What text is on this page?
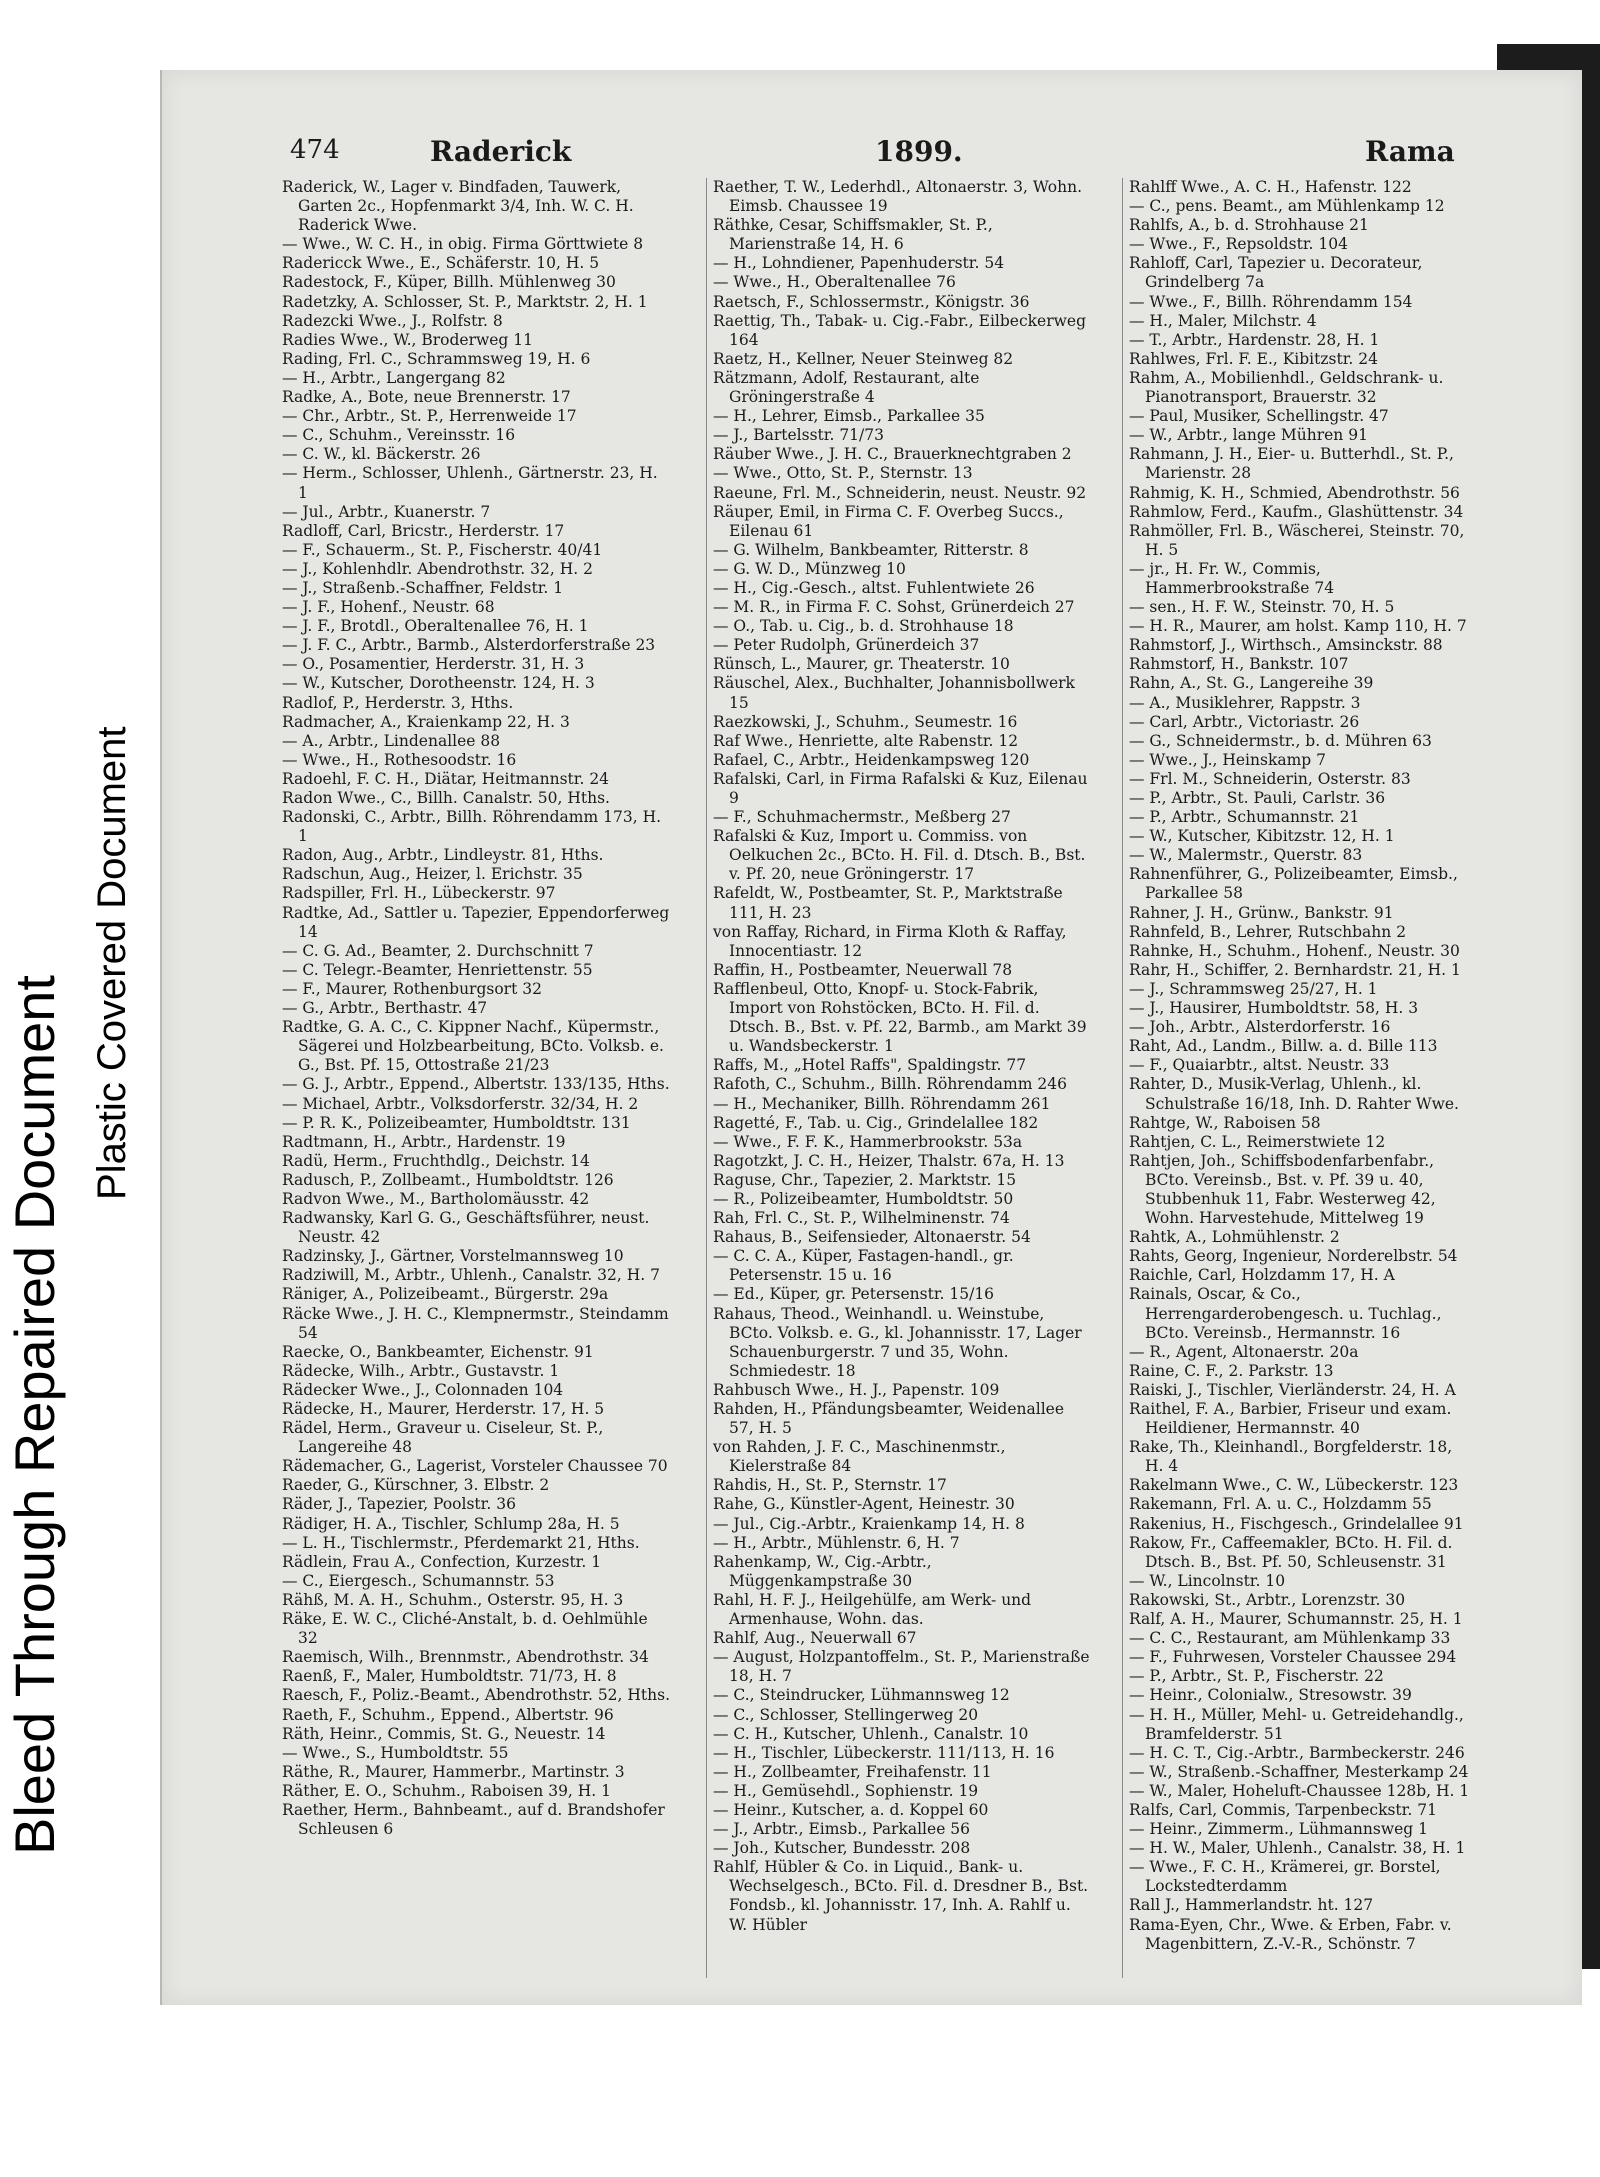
Bleed Through Repaired Document
Plastic Covered Document
474	Raderick	1899.	Rama
Raderick, W., Lager v. Bindfaden, Tauwerk, Garten 2c., Hopfenmarkt 3/4, Inh. W. C. H. Raderick Wwe.
— Wwe., W. C. H., in obig. Firma Görttwiete 8
Radericck Wwe., E., Schäferstr. 10, H. 5
Radestock, F., Küper, Billh. Mühlenweg 30
Radetzky, A. Schlosser, St. P., Marktstr. 2, H. 1
Radezcki Wwe., J., Rolfstr. 8
Radies Wwe., W., Broderweg 11
Rading, Frl. C., Schrammsweg 19, H. 6
— H., Arbtr., Langergang 82
Radke, A., Bote, neue Brennerstr. 17
— Chr., Arbtr., St. P., Herrenweide 17
— C., Schuhm., Vereinsstr. 16
— C. W., kl. Bäckerstr. 26
— Herm., Schlosser, Uhlenh., Gärtnerstr. 23, H. 1
— Jul., Arbtr., Kuanerstr. 7
Radloff, Carl, Bricstr., Herderstr. 17
— F., Schauerm., St. P., Fischerstr. 40/41
— J., Kohlenhdlr. Abendrothstr. 32, H. 2
— J., Straßenb.-Schaffner, Feldstr. 1
— J. F., Hohenf., Neustr. 68
— J. F., Brotdl., Oberaltenallee 76, H. 1
— J. F. C., Arbtr., Barmb., Alsterdorferstraße 23
— O., Posamentier, Herderstr. 31, H. 3
— W., Kutscher, Dorotheenstr. 124, H. 3
Radlof, P., Herderstr. 3, Hths.
Radmacher, A., Kraienkamp 22, H. 3
— A., Arbtr., Lindenallee 88
— Wwe., H., Rothesoodstr. 16
Radoehl, F. C. H., Diätar, Heitmannstr. 24
Radon Wwe., C., Billh. Canalstr. 50, Hths.
Radonski, C., Arbtr., Billh. Röhrendamm 173, H. 1
Radon, Aug., Arbtr., Lindleystr. 81, Hths.
Radschun, Aug., Heizer, l. Erichstr. 35
Radspiller, Frl. H., Lübeckerstr. 97
Radtke, Ad., Sattler u. Tapezier, Eppendorferweg 14
— C. G. Ad., Beamter, 2. Durchschnitt 7
— C. Telegr.-Beamter, Henriettenstr. 55
— F., Maurer, Rothenburgsort 32
— G., Arbtr., Berthastr. 47
Radtke, G. A. C., C. Kippner Nachf., Küpermstr., Sägerei und Holzbearbeitung, BCto. Volksb. e. G., Bst. Pf. 15, Ottostraße 21/23
— G. J., Arbtr., Eppend., Albertstr. 133/135, Hths.
— Michael, Arbtr., Volksdorferstr. 32/34, H. 2
— P. R. K., Polizeibeamter, Humboldtstr. 131
Radtmann, H., Arbtr., Hardenstr. 19
Radü, Herm., Fruchthdlg., Deichstr. 14
Radusch, P., Zollbeamt., Humboldtstr. 126
Radvon Wwe., M., Bartholomäusstr. 42
Radwansky, Karl G. G., Geschäftsführer, neust. Neustr. 42
Radzinsky, J., Gärtner, Vorstelmannsweg 10
Radziwill, M., Arbtr., Uhlenh., Canalstr. 32, H. 7
Räniger, A., Polizeibeamt., Bürgerstr. 29a
Räcke Wwe., J. H. C., Klempnermstr., Steindamm 54
Raecke, O., Bankbeamter, Eichenstr. 91
Rädecke, Wilh., Arbtr., Gustavstr. 1
Rädecker Wwe., J., Colonnaden 104
Rädecke, H., Maurer, Herderstr. 17, H. 5
Rädel, Herm., Graveur u. Ciseleur, St. P., Langereihe 48
Rädemacher, G., Lagerist, Vorsteler Chaussee 70
Raeder, G., Kürschner, 3. Elbstr. 2
Räder, J., Tapezier, Poolstr. 36
Rädiger, H. A., Tischler, Schlump 28a, H. 5
— L. H., Tischlermstr., Pferdemarkt 21, Hths.
Rädlein, Frau A., Confection, Kurzestr. 1
— C., Eiergesch., Schumannstr. 53
Rähß, M. A. H., Schuhm., Osterstr. 95, H. 3
Räke, E. W. C., Cliché-Anstalt, b. d. Oehlmühle 32
Raemisch, Wilh., Brennmstr., Abendrothstr. 34
Raenß, F., Maler, Humboldtstr. 71/73, H. 8
Raesch, F., Poliz.-Beamt., Abendrothstr. 52, Hths.
Raeth, F., Schuhm., Eppend., Albertstr. 96
Räth, Heinr., Commis, St. G., Neuestr. 14
— Wwe., S., Humboldtstr. 55
Räthe, R., Maurer, Hammerbr., Martinstr. 3
Räther, E. O., Schuhm., Raboisen 39, H. 1
Raether, Herm., Bahnbeamt., auf d. Brandshofer Schleusen 6
Raether, T. W., Lederhdl., Altonaerstr. 3, Wohn. Eimsb. Chaussee 19
Räthke, Cesar, Schiffsmakler, St. P., Marienstraße 14, H. 6
— H., Lohndiener, Papenhuderstr. 54
— Wwe., H., Oberaltenallee 76
Raetsch, F., Schlossermstr., Königstr. 36
Raettig, Th., Tabak- u. Cig.-Fabr., Eilbeckerweg 164
Raetz, H., Kellner, Neuer Steinweg 82
Rätzmann, Adolf, Restaurant, alte Gröningerstraße 4
— H., Lehrer, Eimsb., Parkallee 35
— J., Bartelsstr. 71/73
Räuber Wwe., J. H. C., Brauerknechtgraben 2
— Wwe., Otto, St. P., Sternstr. 13
Raeune, Frl. M., Schneiderin, neust. Neustr. 92
Räuper, Emil, in Firma C. F. Overbeg Succs., Eilenau 61
— G. Wilhelm, Bankbeamter, Ritterstr. 8
— G. W. D., Münzweg 10
— H., Cig.-Gesch., altst. Fuhlentwiete 26
— M. R., in Firma F. C. Sohst, Grünerdeich 27
— O., Tab. u. Cig., b. d. Strohhause 18
— Peter Rudolph, Grünerdeich 37
Rünsch, L., Maurer, gr. Theaterstr. 10
Räuschel, Alex., Buchhalter, Johannisbollwerk 15
Raezkowski, J., Schuhm., Seumestr. 16
Raf Wwe., Henriette, alte Rabenstr. 12
Rafael, C., Arbtr., Heidenkampsweg 120
Rafalski, Carl, in Firma Rafalski & Kuz, Eilenau 9
— F., Schuhmachermstr., Meßberg 27
Rafalski & Kuz, Import u. Commiss. von Oelkuchen 2c., BCto. H. Fil. d. Dtsch. B., Bst. v. Pf. 20, neue Gröningerstr. 17
Rafeldt, W., Postbeamter, St. P., Marktstraße 111, H. 23
von Raffay, Richard, in Firma Kloth & Raffay, Innocentiastr. 12
Raffin, H., Postbeamter, Neuerwall 78
Rafflenbeul, Otto, Knopf- u. Stock-Fabrik, Import von Rohstöcken, BCto. H. Fil. d. Dtsch. B., Bst. v. Pf. 22, Barmb., am Markt 39 u. Wandsbeckerstr. 1
Raffs, M., „Hotel Raffs", Spaldingstr. 77
Rafoth, C., Schuhm., Billh. Röhrendamm 246
— H., Mechaniker, Billh. Röhrendamm 261
Ragetté, F., Tab. u. Cig., Grindelallee 182
— Wwe., F. F. K., Hammerbrookstr. 53a
Ragotzkt, J. C. H., Heizer, Thalstr. 67a, H. 13
Raguse, Chr., Tapezier, 2. Marktstr. 15
— R., Polizeibeamter, Humboldtstr. 50
Rah, Frl. C., St. P., Wilhelminenstr. 74
Rahaus, B., Seifensieder, Altonaerstr. 54
— C. C. A., Küper, Fastagen-handl., gr. Petersenstr. 15 u. 16
— Ed., Küper, gr. Petersenstr. 15/16
Rahaus, Theod., Weinhandl. u. Weinstube, BCto. Volksb. e. G., kl. Johannisstr. 17, Lager Schauenburgerstr. 7 und 35, Wohn. Schmiedestr. 18
Rahbusch Wwe., H. J., Papenstr. 109
Rahden, H., Pfändungsbeamter, Weidenallee 57, H. 5
von Rahden, J. F. C., Maschinenmstr., Kielerstraße 84
Rahdis, H., St. P., Sternstr. 17
Rahe, G., Künstler-Agent, Heinestr. 30
— Jul., Cig.-Arbtr., Kraienkamp 14, H. 8
— H., Arbtr., Mühlenstr. 6, H. 7
Rahenkamp, W., Cig.-Arbtr., Müggenkampstraße 30
Rahl, H. F. J., Heilgehülfe, am Werk- und Armenhause, Wohn. das.
Rahlf, Aug., Neuerwall 67
— August, Holzpantoffelm., St. P., Marienstraße 18, H. 7
— C., Steindrucker, Lühmannsweg 12
— C., Schlosser, Stellingerweg 20
— C. H., Kutscher, Uhlenh., Canalstr. 10
— H., Tischler, Lübeckerstr. 111/113, H. 16
— H., Zollbeamter, Freihafenstr. 11
— H., Gemüsehdl., Sophienstr. 19
— Heinr., Kutscher, a. d. Koppel 60
— J., Arbtr., Eimsb., Parkallee 56
— Joh., Kutscher, Bundesstr. 208
Rahlf, Hübler & Co. in Liquid., Bank- u. Wechselgesch., BCto. Fil. d. Dresdner B., Bst. Fondsb., kl. Johannisstr. 17, Inh. A. Rahlf u. W. Hübler
Rahlff Wwe., A. C. H., Hafenstr. 122
— C., pens. Beamt., am Mühlenkamp 12
Rahlfs, A., b. d. Strohhause 21
— Wwe., F., Repsoldstr. 104
Rahloff, Carl, Tapezier u. Decorateur, Grindelberg 7a
— Wwe., F., Billh. Röhrendamm 154
— H., Maler, Milchstr. 4
— T., Arbtr., Hardenstr. 28, H. 1
Rahlwes, Frl. F. E., Kibitzstr. 24
Rahm, A., Mobilienhdl., Geldschrank- u. Pianotransport, Brauerstr. 32
— Paul, Musiker, Schellingstr. 47
— W., Arbtr., lange Mühren 91
Rahmann, J. H., Eier- u. Butterhdl., St. P., Marienstr. 28
Rahmig, K. H., Schmied, Abendrothstr. 56
Rahmlow, Ferd., Kaufm., Glashüttenstr. 34
Rahmöller, Frl. B., Wäscherei, Steinstr. 70, H. 5
— jr., H. Fr. W., Commis, Hammerbrookstraße 74
— sen., H. F. W., Steinstr. 70, H. 5
— H. R., Maurer, am holst. Kamp 110, H. 7
Rahmstorf, J., Wirthsch., Amsinckstr. 88
Rahmstorf, H., Bankstr. 107
Rahn, A., St. G., Langereihe 39
— A., Musiklehrer, Rappstr. 3
— Carl, Arbtr., Victoriastr. 26
— G., Schneidermstr., b. d. Mühren 63
— Wwe., J., Heinskamp 7
— Frl. M., Schneiderin, Osterstr. 83
— P., Arbtr., St. Pauli, Carlstr. 36
— P., Arbtr., Schumannstr. 21
— W., Kutscher, Kibitzstr. 12, H. 1
— W., Malermstr., Querstr. 83
Rahnenführer, G., Polizeibeamter, Eimsb., Parkallee 58
Rahner, J. H., Grünw., Bankstr. 91
Rahnfeld, B., Lehrer, Rutschbahn 2
Rahnke, H., Schuhm., Hohenf., Neustr. 30
Rahr, H., Schiffer, 2. Bernhardstr. 21, H. 1
— J., Schrammsweg 25/27, H. 1
— J., Hausirer, Humboldtstr. 58, H. 3
— Joh., Arbtr., Alsterdorferstr. 16
Raht, Ad., Landm., Billw. a. d. Bille 113
— F., Quaiarbtr., altst. Neustr. 33
Rahter, D., Musik-Verlag, Uhlenh., kl. Schulstraße 16/18, Inh. D. Rahter Wwe.
Rahtge, W., Raboisen 58
Rahtjen, C. L., Reimerstwiete 12
Rahtjen, Joh., Schiffsbodenfarbenfabr., BCto. Vereinsb., Bst. v. Pf. 39 u. 40, Stubbenhuk 11, Fabr. Westerweg 42, Wohn. Harvestehude, Mittelweg 19
Rahtk, A., Lohmühlenstr. 2
Rahts, Georg, Ingenieur, Norderelbstr. 54
Raichle, Carl, Holzdamm 17, H. A
Rainals, Oscar, & Co., Herrengarderobengesch. u. Tuchlag., BCto. Vereinsb., Hermannstr. 16
— R., Agent, Altonaerstr. 20a
Raine, C. F., 2. Parkstr. 13
Raiski, J., Tischler, Vierländerstr. 24, H. A
Raithel, F. A., Barbier, Friseur und exam. Heildiener, Hermannstr. 40
Rake, Th., Kleinhandl., Borgfelderstr. 18, H. 4
Rakelmann Wwe., C. W., Lübeckerstr. 123
Rakemann, Frl. A. u. C., Holzdamm 55
Rakenius, H., Fischgesch., Grindelallee 91
Rakow, Fr., Caffeemakler, BCto. H. Fil. d. Dtsch. B., Bst. Pf. 50, Schleusenstr. 31
— W., Lincolnstr. 10
Rakowski, St., Arbtr., Lorenzstr. 30
Ralf, A. H., Maurer, Schumannstr. 25, H. 1
— C. C., Restaurant, am Mühlenkamp 33
— F., Fuhrwesen, Vorsteler Chaussee 294
— P., Arbtr., St. P., Fischerstr. 22
— Heinr., Colonialw., Stresowstr. 39
— H. H., Müller, Mehl- u. Getreidehandlg., Bramfelderstr. 51
— H. C. T., Cig.-Arbtr., Barmbeckerstr. 246
— W., Straßenb.-Schaffner, Mesterkamp 24
— W., Maler, Hoheluft-Chaussee 128b, H. 1
Ralfs, Carl, Commis, Tarpenbeckstr. 71
— Heinr., Zimmerm., Lühmannsweg 1
— H. W., Maler, Uhlenh., Canalstr. 38, H. 1
— Wwe., F. C. H., Krämerei, gr. Borstel, Lockstedterdamm
Rall J., Hammerlandstr. ht. 127
Rama-Eyen, Chr., Wwe. & Erben, Fabr. v. Magenbittern, Z.-V.-R., Schönstr. 7
